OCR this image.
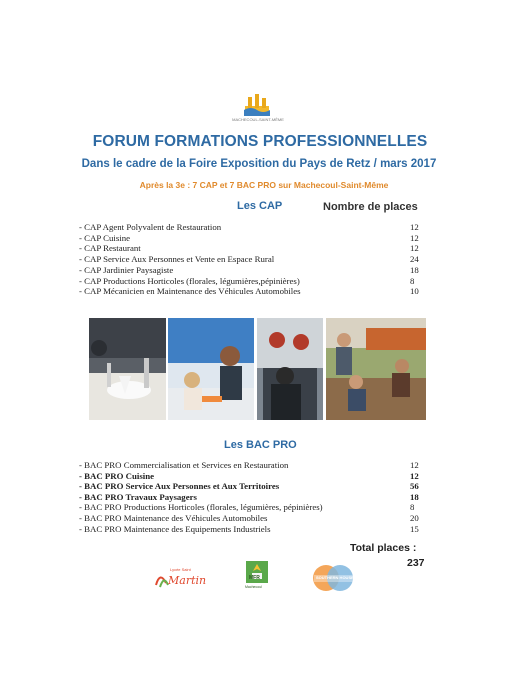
MACHECOUL-SAINT-MÊME
FORUM FORMATIONS PROFESSIONNELLES
Dans le cadre de la Foire Exposition du Pays de Retz / mars 2017
Après la 3e : 7 CAP et 7 BAC PRO sur Machecoul-Saint-Même
Les CAP	Nombre de places
- CAP Agent Polyvalent de Restauration	12
- CAP Cuisine	12
- CAP Restaurant	12
- CAP Service Aux Personnes et Vente en Espace Rural	24
- CAP Jardinier Paysagiste	18
- CAP Productions Horticoles (florales, légumières,pépinières)	8
- CAP Mécanicien en Maintenance des Véhicules Automobiles	10
Les BAC PRO
- BAC PRO Commercialisation et Services en Restauration	12
- BAC PRO Cuisine	12
- BAC PRO Service Aux Personnes et Aux Territoires	56
- BAC PRO Travaux Paysagers	18
- BAC PRO Productions Horticoles (florales, légumières, pépinières)	8
- BAC PRO Maintenance des Véhicules Automobiles	20
- BAC PRO Maintenance des Equipements Industriels	15
Total places :
237
Lycée Saint
Martin	MFR
Machecoul
SOUTHERN HOUSE
